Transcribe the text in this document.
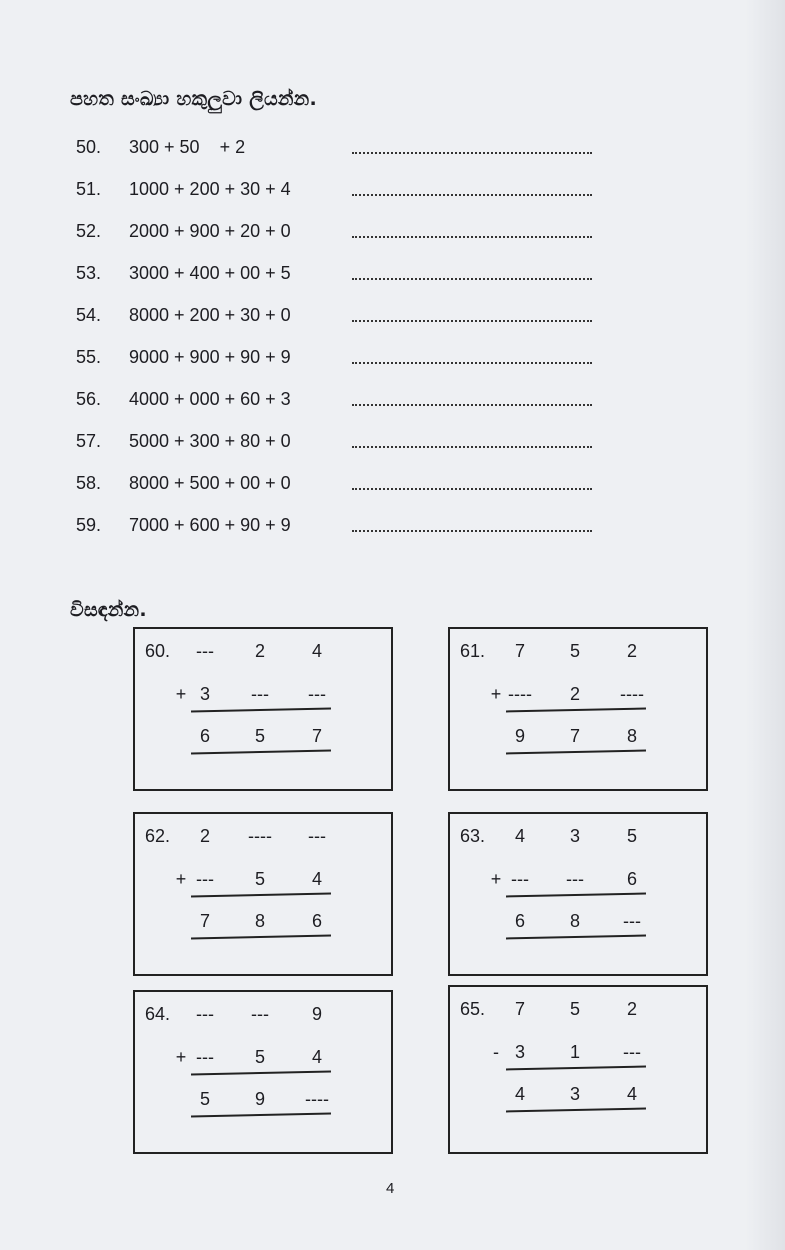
පහත සංඛ්‍යා හකුලුවා ලියන්න.
50. 300 + 50    + 2
51. 1000 + 200 + 30 + 4
52. 2000 + 900 + 20 + 0
53. 3000 + 400 + 00 + 5
54. 8000 + 200 + 30 + 0
55. 9000 + 900 + 90 + 9
56. 4000 + 000 + 60 + 3
57. 5000 + 300 + 80 + 0
58. 8000 + 500 + 00 + 0
59. 7000 + 600 + 90 + 9
විසඳන්න.
60.	---	2	4
+ 3	---	---
6	5	7
61.	7	5	2
+ ----	2	----
9	7	8
62.	2	----	---
+ ---	5	4
7	8	6
63.	4	3	5
+ ---	---	6
6	8	---
64.	---	---	9
+ ---	5	4
5	9	----
65.	7	5	2
- 3	1	---
4	3	4
4
